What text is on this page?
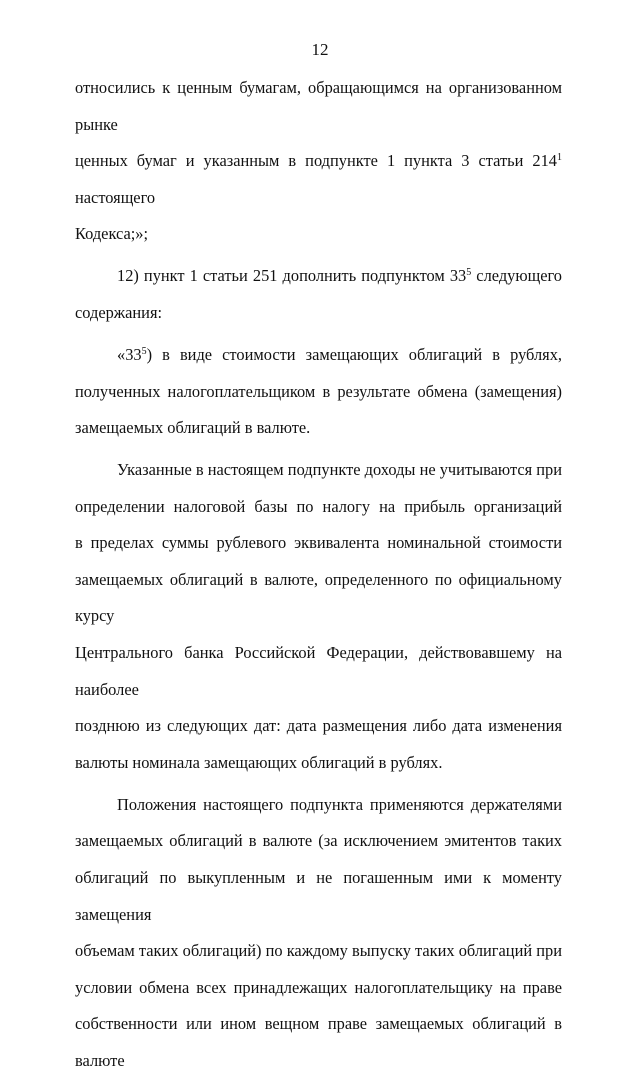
12

относились к ценным бумагам, обращающимся на организованном рынке

ценных бумаг и указанным в подпункте 1 пункта 3 статьи $214^1$ настоящего

Кодекса;»;

12) пункт 1 статьи 251 дополнить подпунктом $33^5$ следующего

содержания:

«$33^5$) в виде стоимости замещающих облигаций в рублях,

полученных налогоплательщиком в результате обмена (замещения)

замещаемых облигаций в валюте.

Указанные в настоящем подпункте доходы не учитываются при

определении налоговой базы по налогу на прибыль организаций

в пределах суммы рублевого эквивалента номинальной стоимости

замещаемых облигаций в валюте, определенного по официальному курсу

Центрального банка Российской Федерации, действовавшему на наиболее

позднюю из следующих дат: дата размещения либо дата изменения

валюты номинала замещающих облигаций в рублях.

Положения настоящего подпункта применяются держателями

замещаемых облигаций в валюте (за исключением эмитентов таких

облигаций по выкупленным и не погашенным ими к моменту замещения

объемам таких облигаций) по каждому выпуску таких облигаций при

условии обмена всех принадлежащих налогоплательщику на праве

собственности или ином вещном праве замещаемых облигаций в валюте
